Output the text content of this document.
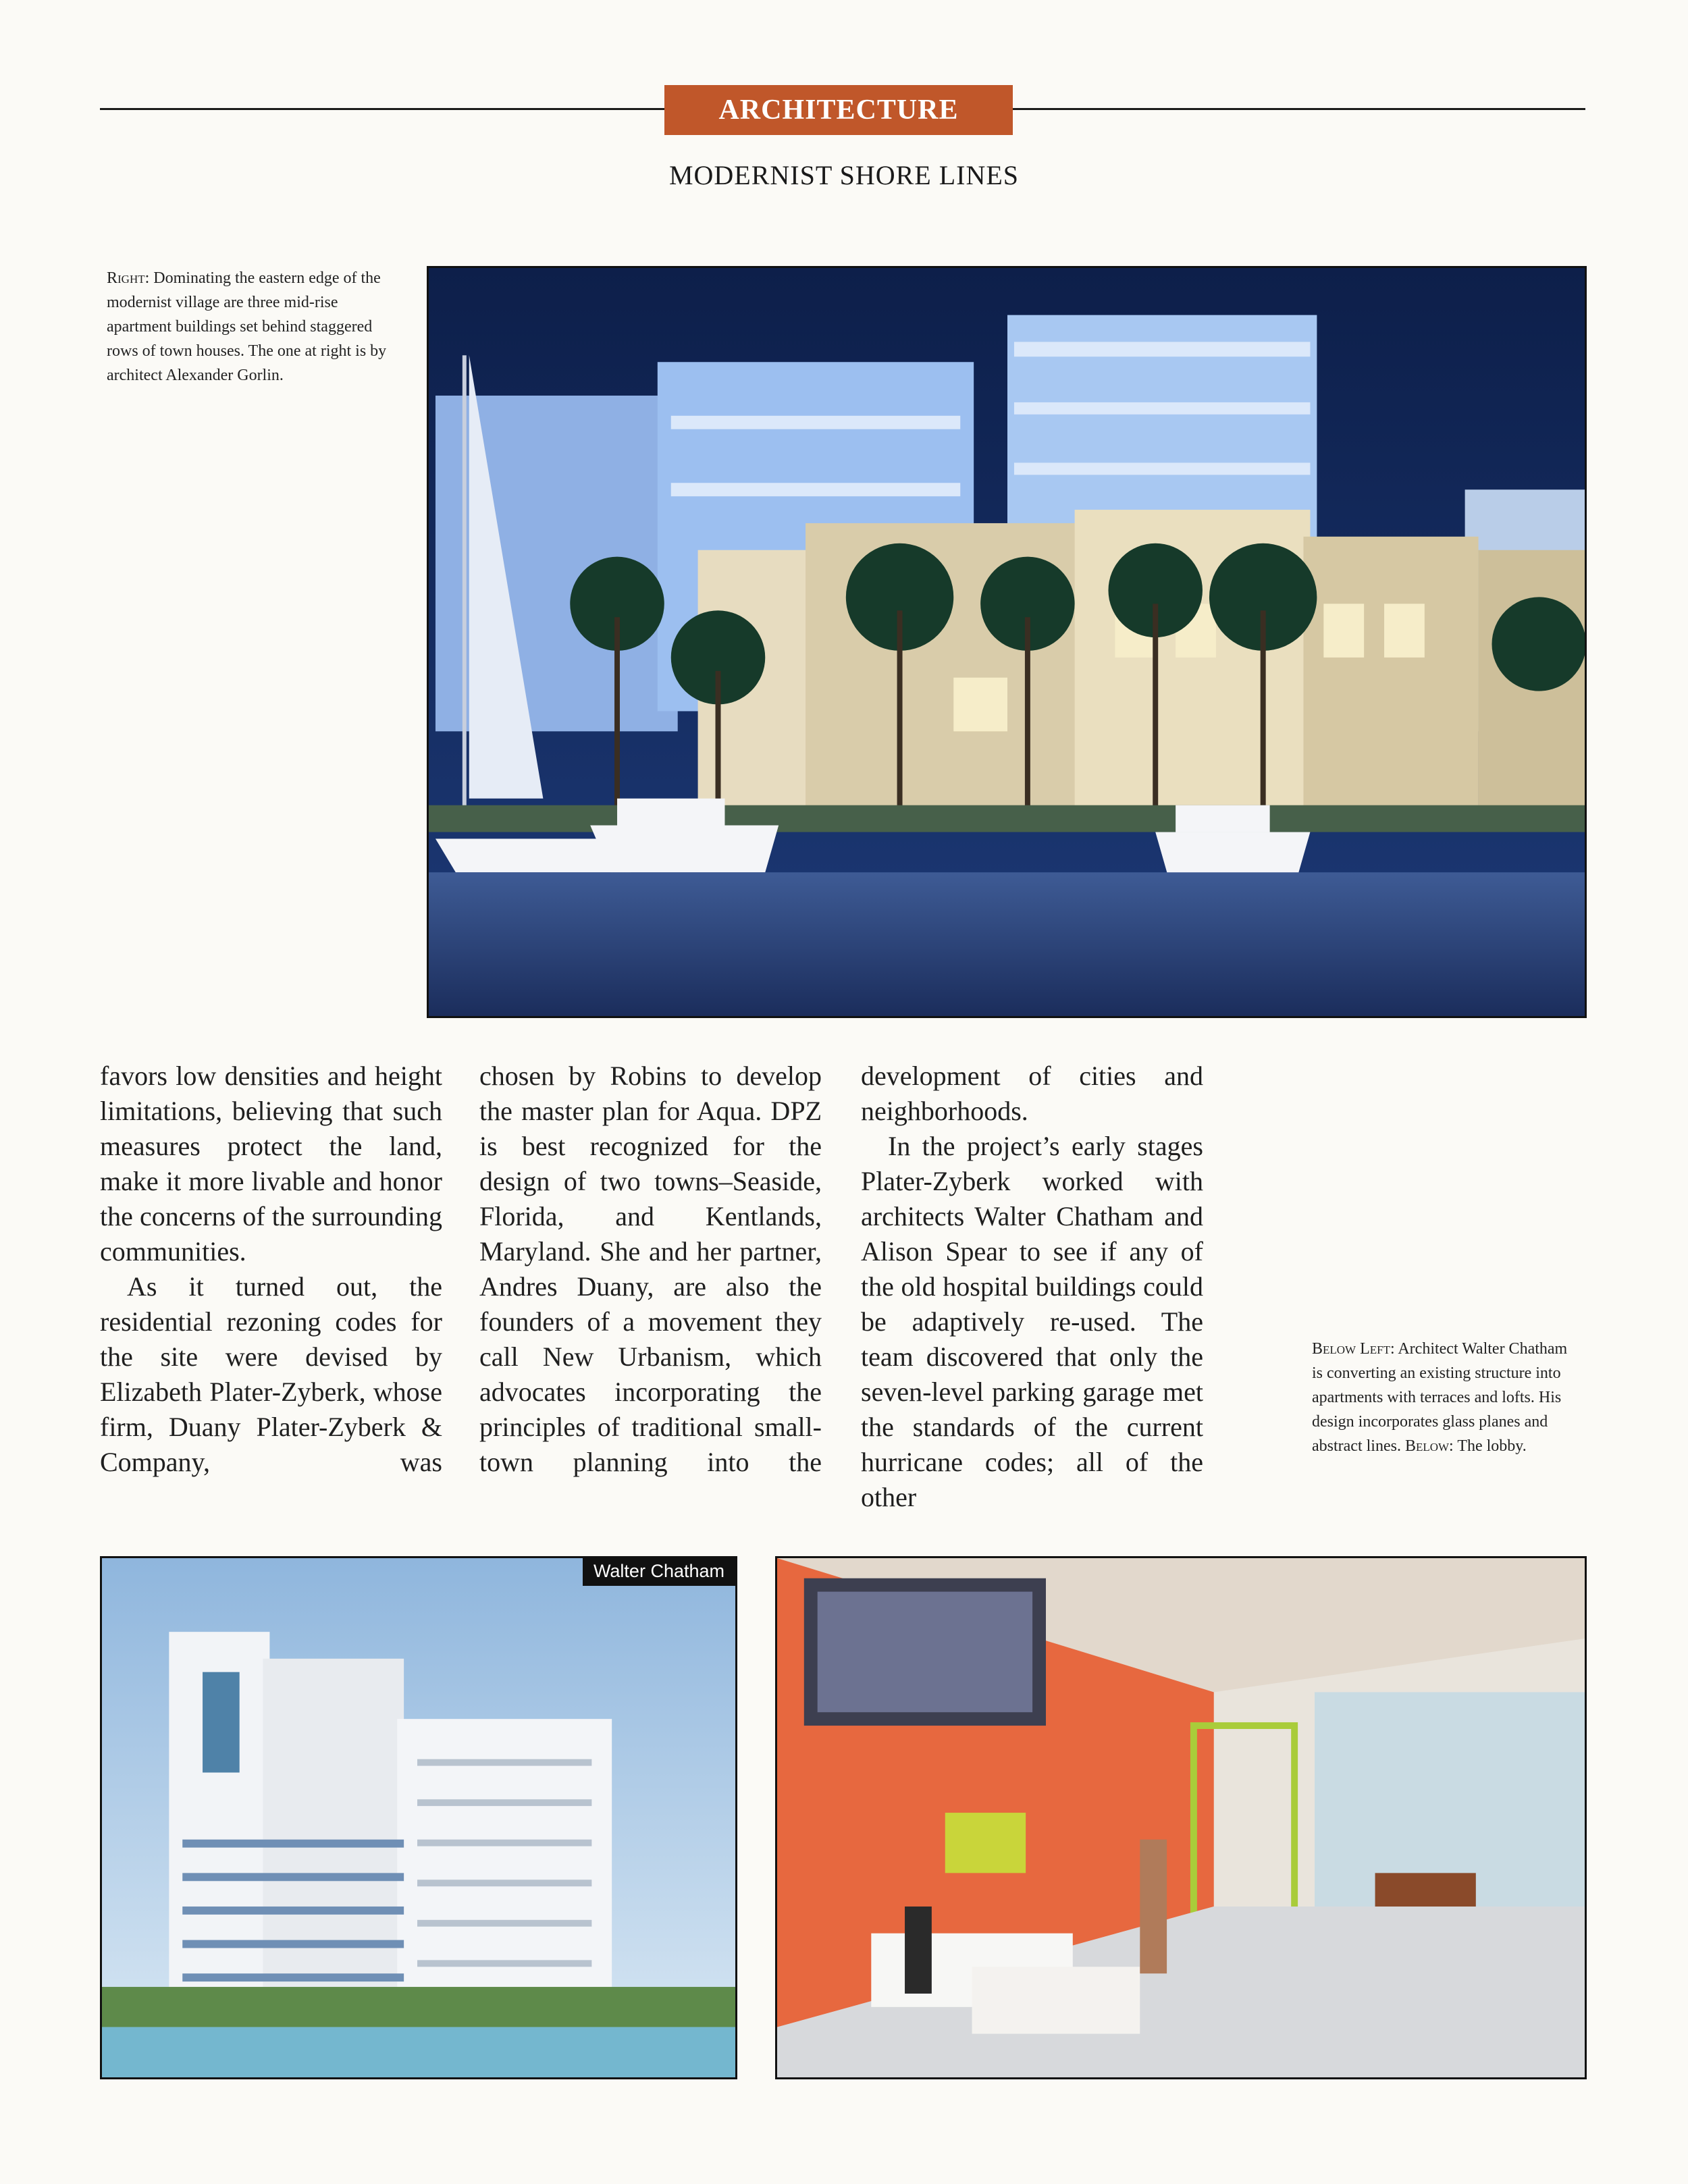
ARCHITECTURE
MODERNIST SHORE LINES
Right: Dominating the eastern edge of the modernist village are three mid-rise apartment buildings set behind staggered rows of town houses. The one at right is by architect Alexander Gorlin.

favors low densities and height limitations, believing that such measures protect the land, make it more livable and honor the concerns of the surrounding communities.

As it turned out, the residential rezoning codes for the site were devised by Elizabeth Plater-Zyberk, whose firm, Duany Plater-Zyberk & Company, was

chosen by Robins to develop the master plan for Aqua. DPZ is best recognized for the design of two towns–Seaside, Florida, and Kentlands, Maryland. She and her partner, Andres Duany, are also the founders of a movement they call New Urbanism, which advocates incorporating the principles of traditional small-town planning into the

development of cities and neighborhoods.

In the project’s early stages Plater-Zyberk worked with architects Walter Chatham and Alison Spear to see if any of the old hospital buildings could be adaptively re-used. The team discovered that only the seven-level parking garage met the standards of the current hurricane codes; all of the other

Below Left: Architect Walter Chatham is converting an existing structure into apartments with terraces and lofts. His design incorporates glass planes and abstract lines. Below: The lobby.
Walter Chatham
